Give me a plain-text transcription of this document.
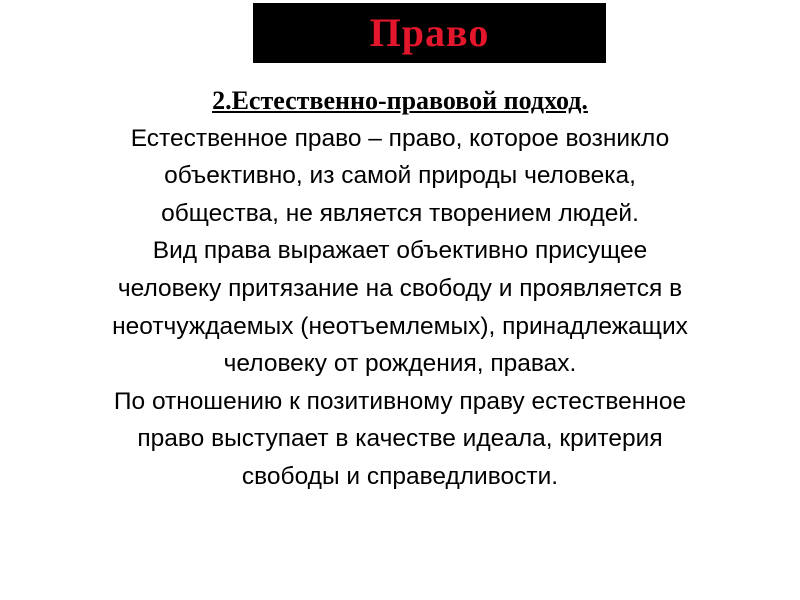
Право
2.Естественно-правовой подход.
Естественное право – право, которое возникло
объективно, из самой природы человека,
общества, не является творением людей.
Вид права выражает объективно присущее
человеку притязание на свободу и проявляется в
неотчуждаемых (неотъемлемых), принадлежащих
человеку от рождения, правах.
По отношению к позитивному праву естественное
право выступает в качестве идеала, критерия
свободы и справедливости.
